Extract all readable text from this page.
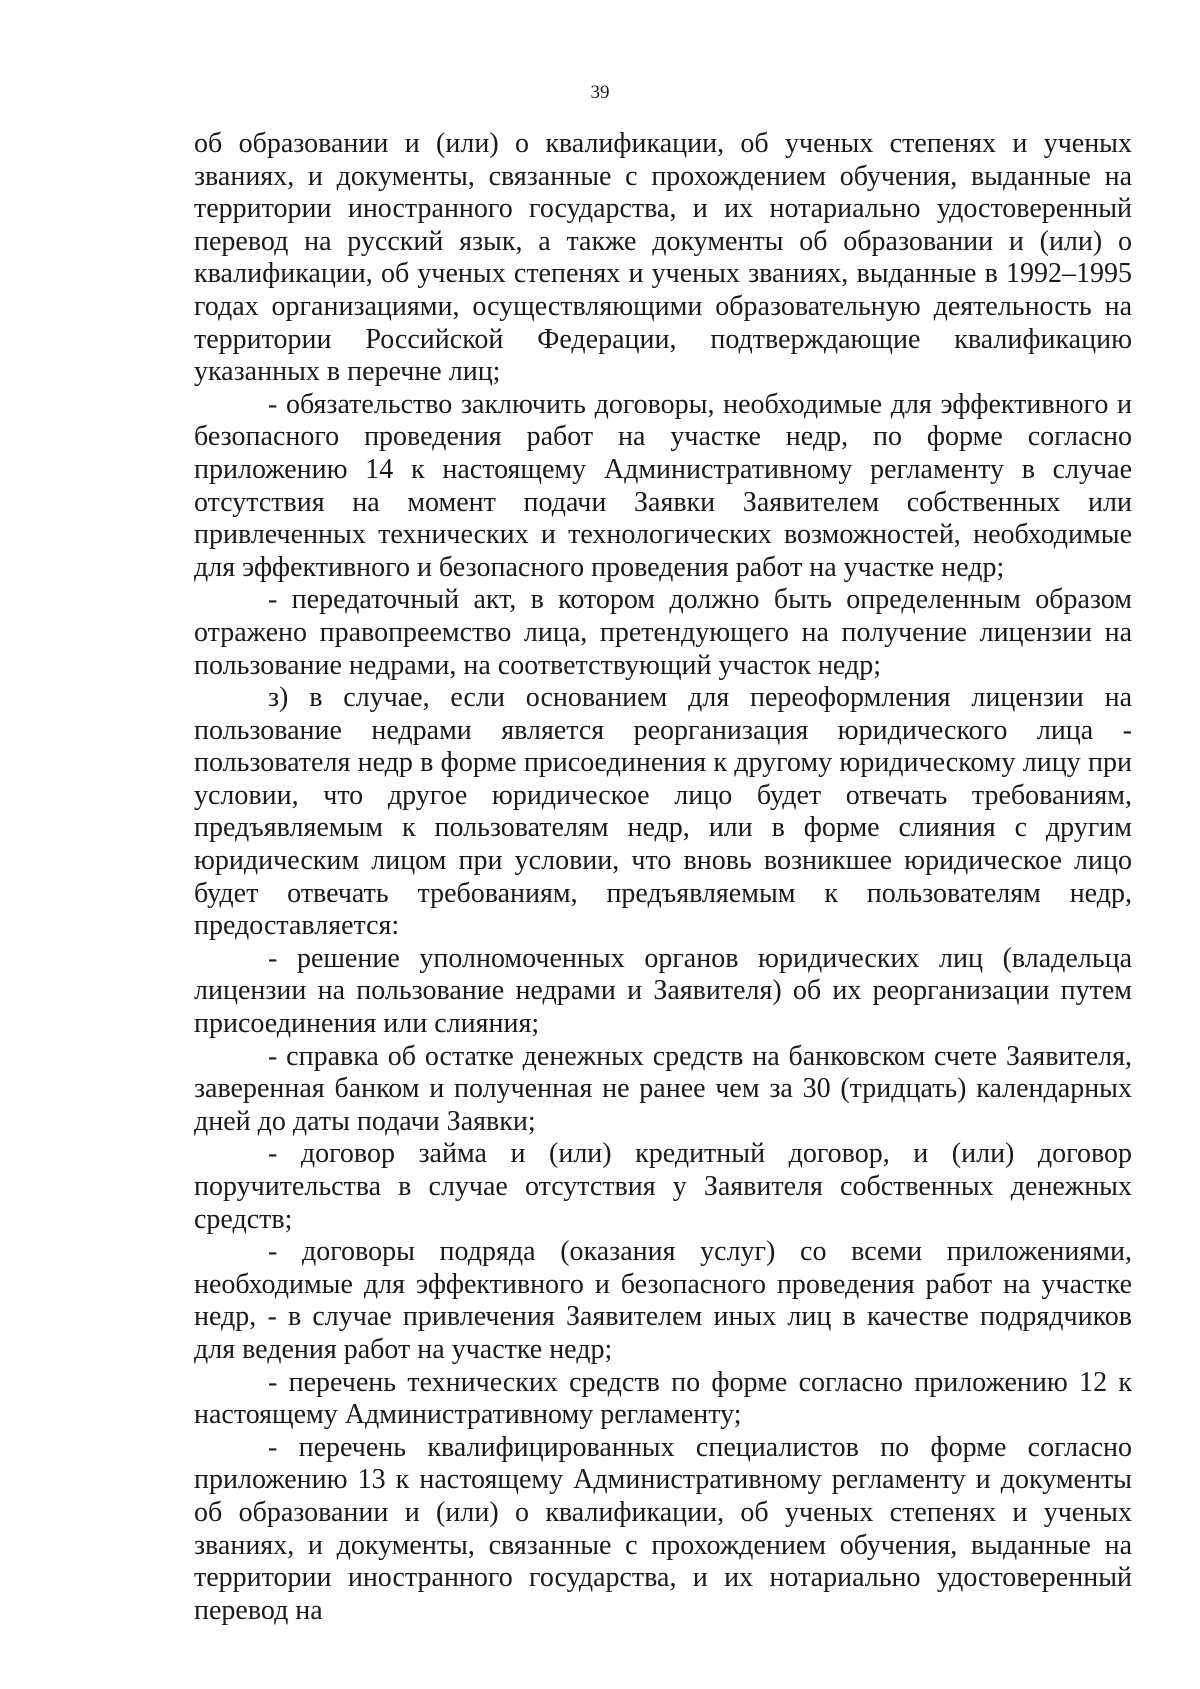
39

об образовании и (или) о квалификации, об ученых степенях и ученых званиях, и документы, связанные с прохождением обучения, выданные на территории иностранного государства, и их нотариально удостоверенный перевод на русский язык, а также документы об образовании и (или) о квалификации, об ученых степенях и ученых званиях, выданные в 1992–1995 годах организациями, осуществляющими образовательную деятельность на территории Российской Федерации, подтверждающие квалификацию указанных в перечне лиц;

- обязательство заключить договоры, необходимые для эффективного и безопасного проведения работ на участке недр, по форме согласно приложению 14 к настоящему Административному регламенту в случае отсутствия на момент подачи Заявки Заявителем собственных или привлеченных технических и технологических возможностей, необходимые для эффективного и безопасного проведения работ на участке недр;

- передаточный акт, в котором должно быть определенным образом отражено правопреемство лица, претендующего на получение лицензии на пользование недрами, на соответствующий участок недр;

з) в случае, если основанием для переоформления лицензии на пользование недрами является реорганизация юридического лица - пользователя недр в форме присоединения к другому юридическому лицу при условии, что другое юридическое лицо будет отвечать требованиям, предъявляемым к пользователям недр, или в форме слияния с другим юридическим лицом при условии, что вновь возникшее юридическое лицо будет отвечать требованиям, предъявляемым к пользователям недр, предоставляется:

- решение уполномоченных органов юридических лиц (владельца лицензии на пользование недрами и Заявителя) об их реорганизации путем присоединения или слияния;

- справка об остатке денежных средств на банковском счете Заявителя, заверенная банком и полученная не ранее чем за 30 (тридцать) календарных дней до даты подачи Заявки;

- договор займа и (или) кредитный договор, и (или) договор поручительства в случае отсутствия у Заявителя собственных денежных средств;

- договоры подряда (оказания услуг) со всеми приложениями, необходимые для эффективного и безопасного проведения работ на участке недр, - в случае привлечения Заявителем иных лиц в качестве подрядчиков для ведения работ на участке недр;

- перечень технических средств по форме согласно приложению 12 к настоящему Административному регламенту;

- перечень квалифицированных специалистов по форме согласно приложению 13 к настоящему Административному регламенту и документы об образовании и (или) о квалификации, об ученых степенях и ученых званиях, и документы, связанные с прохождением обучения, выданные на территории иностранного государства, и их нотариально удостоверенный перевод на
